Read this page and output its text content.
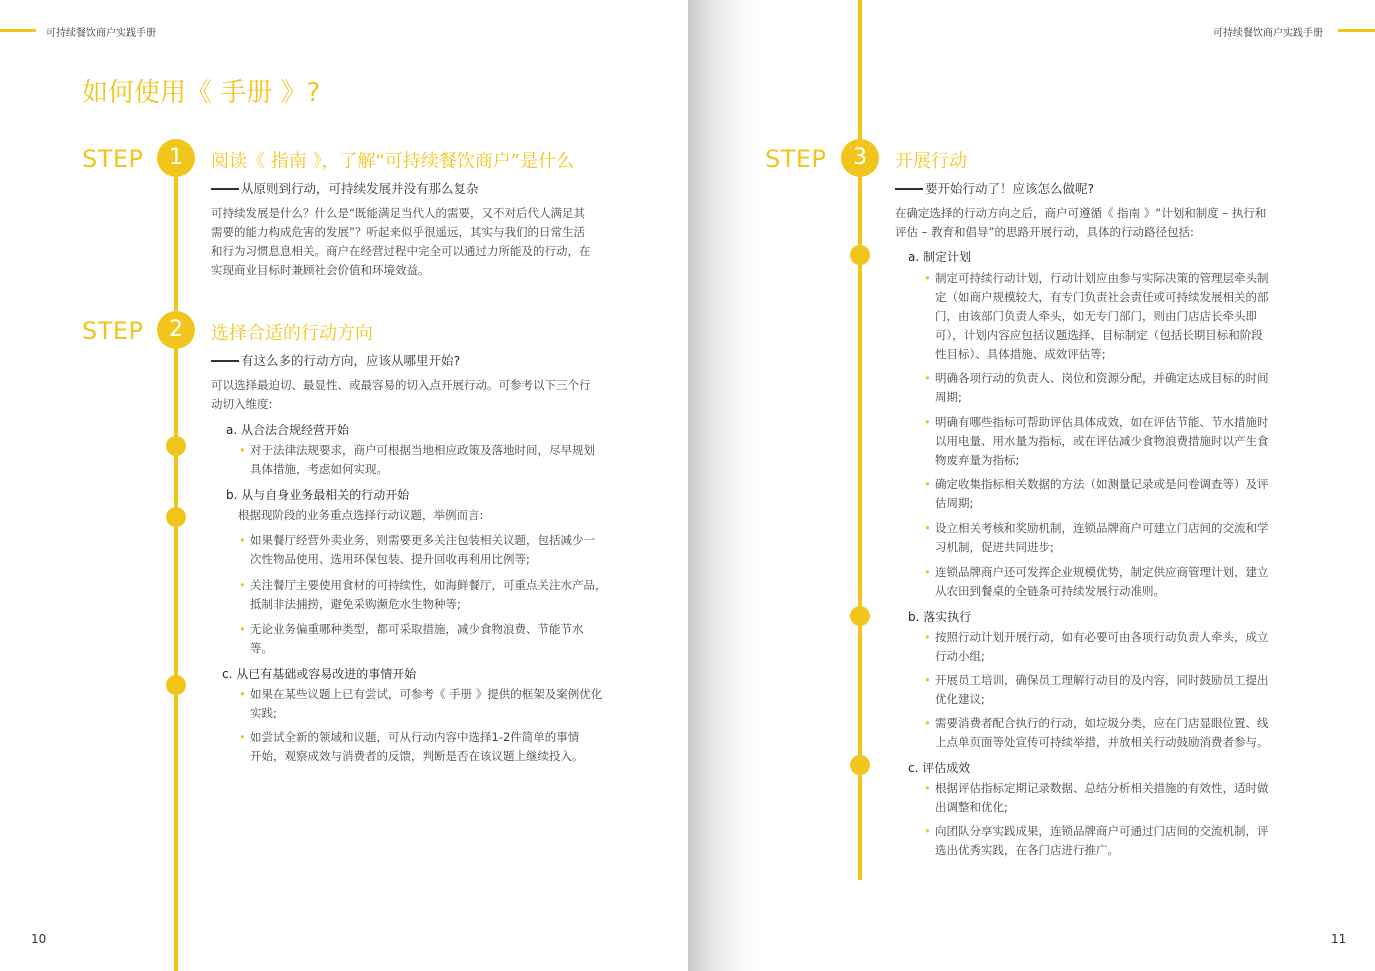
可持续餐饮商户实践手册
如何使用《 手册 》?
STEP	1	阅读《 指南 》，了解“可持续餐饮商户”是什么
从原则到行动，可持续发展并没有那么复杂
可持续发展是什么？什么是“既能满足当代人的需要，又不对后代人满足其
需要的能力构成危害的发展”？听起来似乎很遥远，其实与我们的日常生活
和行为习惯息息相关。商户在经营过程中完全可以通过力所能及的行动，在
实现商业目标时兼顾社会价值和环境效益。
STEP	2	选择合适的行动方向
有这么多的行动方向，应该从哪里开始?
可以选择最迫切、最显性、或最容易的切入点开展行动。可参考以下三个行
动切入维度:
a. 从合法合规经营开始
• 对于法律法规要求，商户可根据当地相应政策及落地时间，尽早规划
具体措施，考虑如何实现。
b. 从与自身业务最相关的行动开始
根据现阶段的业务重点选择行动议题，举例而言:
• 如果餐厅经营外卖业务，则需要更多关注包装相关议题，包括减少一
次性物品使用、选用环保包装、提升回收再利用比例等;
• 关注餐厅主要使用食材的可持续性，如海鲜餐厅，可重点关注水产品，
抵制非法捕捞，避免采购濒危水生物种等;
• 无论业务偏重哪种类型，都可采取措施，减少食物浪费、节能节水
等。
c. 从已有基础或容易改进的事情开始
• 如果在某些议题上已有尝试，可参考《 手册 》提供的框架及案例优化
实践;
• 如尝试全新的领域和议题，可从行动内容中选择1-2件简单的事情
开始，观察成效与消费者的反馈，判断是否在该议题上继续投入。
10
可持续餐饮商户实践手册
STEP	3	开展行动
要开始行动了！应该怎么做呢?
在确定选择的行动方向之后，商户可遵循《 指南 》“计划和制度 – 执行和
评估 – 教育和倡导”的思路开展行动，具体的行动路径包括:
a. 制定计划
• 制定可持续行动计划，行动计划应由参与实际决策的管理层牵头制
定（如商户规模较大，有专门负责社会责任或可持续发展相关的部
门，由该部门负责人牵头，如无专门部门，则由门店店长牵头即
可），计划内容应包括议题选择、目标制定（包括长期目标和阶段
性目标）、具体措施、成效评估等;
• 明确各项行动的负责人、岗位和资源分配，并确定达成目标的时间
周期;
• 明确有哪些指标可帮助评估具体成效，如在评估节能、节水措施时
以用电量、用水量为指标，或在评估减少食物浪费措施时以产生食
物废弃量为指标;
• 确定收集指标相关数据的方法（如测量记录或是问卷调查等）及评
估周期;
• 设立相关考核和奖励机制，连锁品牌商户可建立门店间的交流和学
习机制，促进共同进步;
• 连锁品牌商户还可发挥企业规模优势，制定供应商管理计划，建立
从农田到餐桌的全链条可持续发展行动准则。
b. 落实执行
• 按照行动计划开展行动，如有必要可由各项行动负责人牵头，成立
行动小组;
• 开展员工培训，确保员工理解行动目的及内容，同时鼓励员工提出
优化建议;
• 需要消费者配合执行的行动，如垃圾分类，应在门店显眼位置、线
上点单页面等处宣传可持续举措，并放相关行动鼓励消费者参与。
c. 评估成效
• 根据评估指标定期记录数据、总结分析相关措施的有效性，适时做
出调整和优化;
• 向团队分享实践成果，连锁品牌商户可通过门店间的交流机制，评
选出优秀实践，在各门店进行推广。
11
